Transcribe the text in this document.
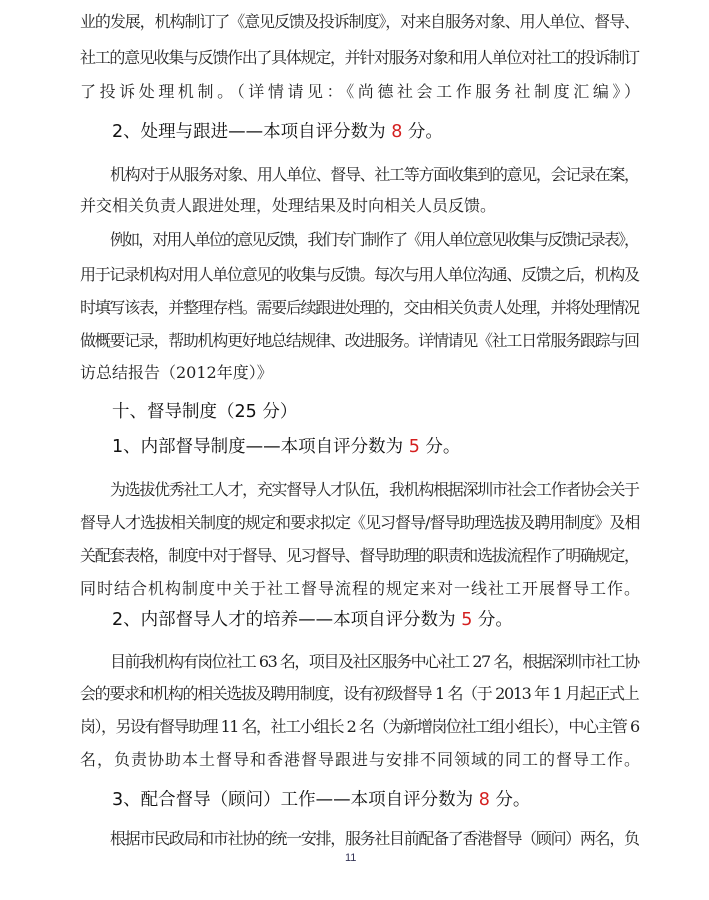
业的发展，机构制订了《意见反馈及投诉制度》，对来自服务对象、用人单位、督导、
社工的意见收集与反馈作出了具体规定，并针对服务对象和用人单位对社工的投诉制订
了投诉处理机制。（详情请见：《尚德社会工作服务社制度汇编》）
2、处理与跟进——本项自评分数为 8 分。
机构对于从服务对象、用人单位、督导、社工等方面收集到的意见，会记录在案，
并交相关负责人跟进处理，处理结果及时向相关人员反馈。
例如，对用人单位的意见反馈，我们专门制作了《用人单位意见收集与反馈记录表》，
用于记录机构对用人单位意见的收集与反馈。每次与用人单位沟通、反馈之后，机构及
时填写该表，并整理存档。需要后续跟进处理的，交由相关负责人处理，并将处理情况
做概要记录，帮助机构更好地总结规律、改进服务。详情请见《社工日常服务跟踪与回
访总结报告（2012年度）》
十、督导制度（25 分）
1、内部督导制度——本项自评分数为 5 分。
为选拔优秀社工人才，充实督导人才队伍，我机构根据深圳市社会工作者协会关于
督导人才选拔相关制度的规定和要求拟定《见习督导/督导助理选拔及聘用制度》及相
关配套表格，制度中对于督导、见习督导、督导助理的职责和选拔流程作了明确规定，
同时结合机构制度中关于社工督导流程的规定来对一线社工开展督导工作。
2、内部督导人才的培养——本项自评分数为 5 分。
目前我机构有岗位社工 63 名，项目及社区服务中心社工 27 名，根据深圳市社工协
会的要求和机构的相关选拔及聘用制度，设有初级督导 1 名（于 2013 年 1 月起正式上
岗），另设有督导助理 11 名，社工小组长 2 名（为新增岗位社工组小组长），中心主管 6
名，负责协助本土督导和香港督导跟进与安排不同领域的同工的督导工作。
3、配合督导（顾问）工作——本项自评分数为 8 分。
根据市民政局和市社协的统一安排，服务社目前配备了香港督导（顾问）两名，负
11
